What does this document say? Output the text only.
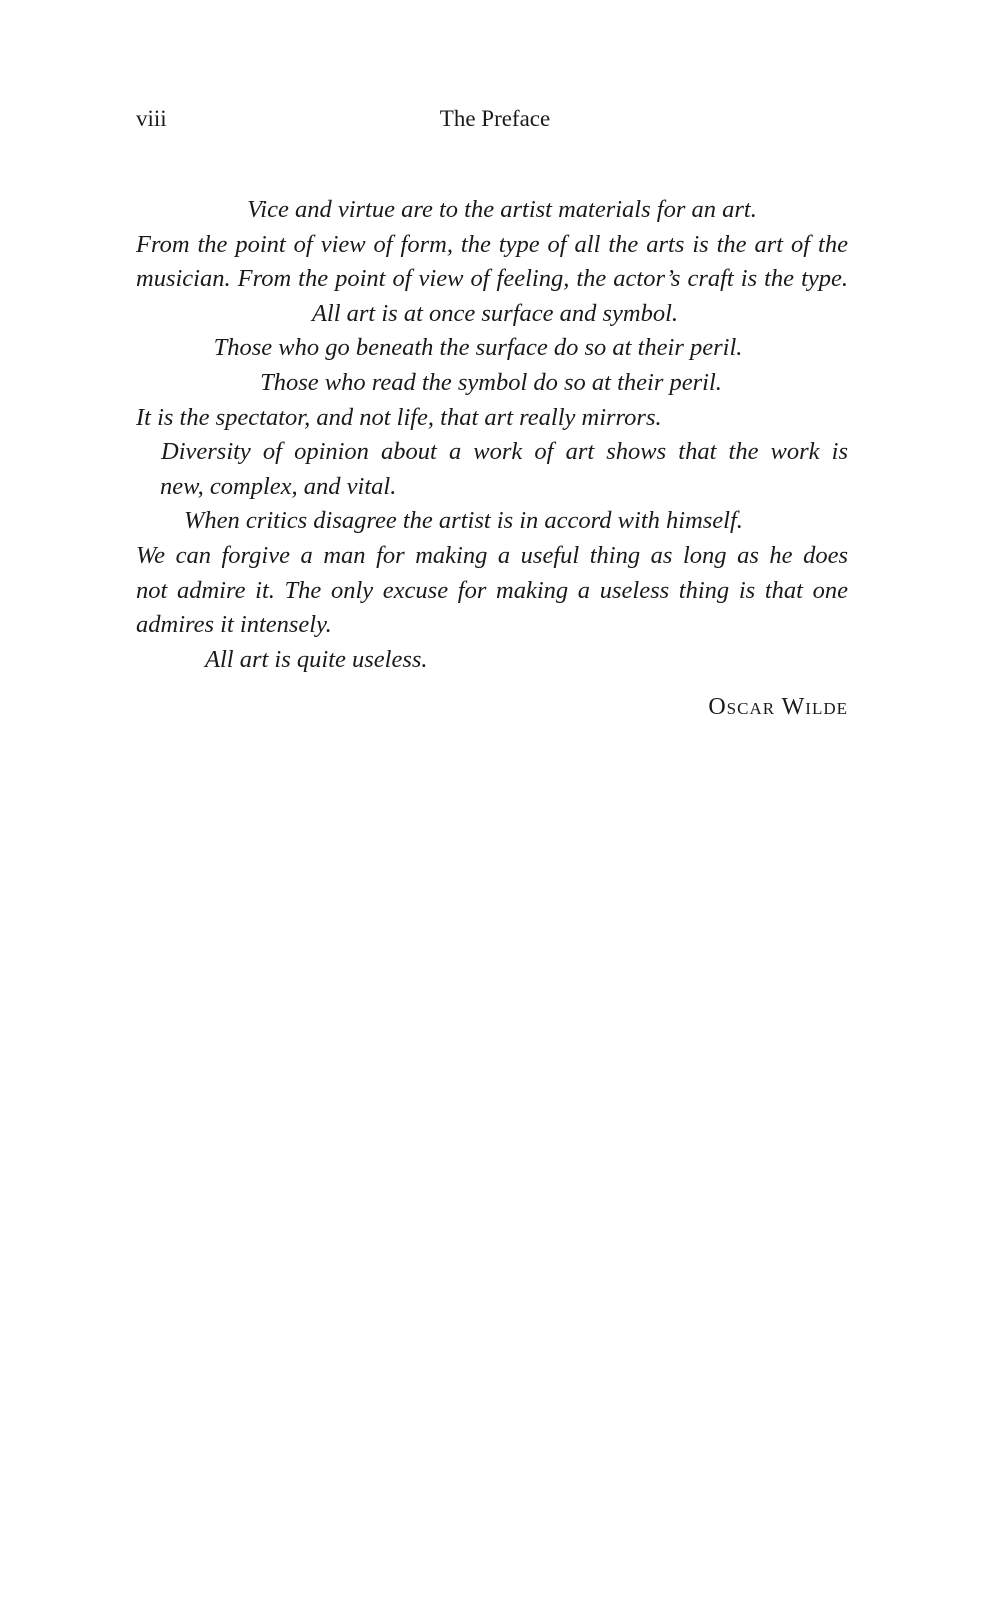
viii	The Preface
Vice and virtue are to the artist materials for an art.
From the point of view of form, the type of all the arts is the art of the
musician. From the point of view of feeling, the actor’s craft is the type.
All art is at once surface and symbol.
Those who go beneath the surface do so at their peril.
Those who read the symbol do so at their peril.
It is the spectator, and not life, that art really mirrors.
Diversity of opinion about a work of art shows that the work is
new, complex, and vital.
When critics disagree the artist is in accord with himself.
We can forgive a man for making a useful thing as long as he does
not admire it. The only excuse for making a useless thing is that one
admires it intensely.
All art is quite useless.
Oscar Wilde
